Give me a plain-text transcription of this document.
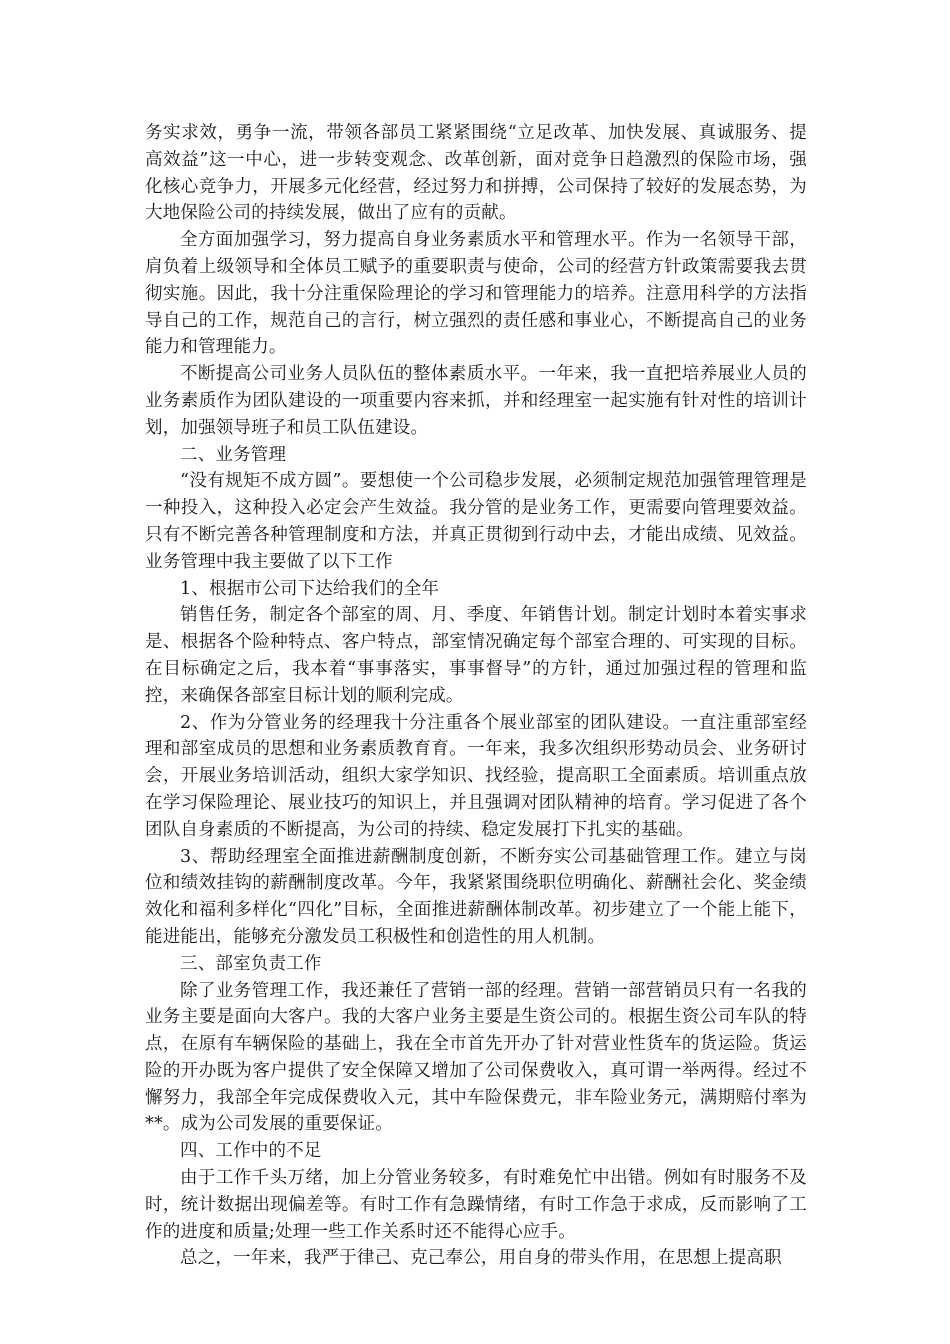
务实求效，勇争一流，带领各部员工紧紧围绕“立足改革、加快发展、真诚服务、提高效益”这一中心，进一步转变观念、改革创新，面对竞争日趋激烈的保险市场，强化核心竞争力，开展多元化经营，经过努力和拼搏，公司保持了较好的发展态势，为大地保险公司的持续发展，做出了应有的贡献。

全方面加强学习，努力提高自身业务素质水平和管理水平。作为一名领导干部，肩负着上级领导和全体员工赋予的重要职责与使命，公司的经营方针政策需要我去贯彻实施。因此，我十分注重保险理论的学习和管理能力的培养。注意用科学的方法指导自己的工作，规范自己的言行，树立强烈的责任感和事业心，不断提高自己的业务能力和管理能力。

不断提高公司业务人员队伍的整体素质水平。一年来，我一直把培养展业人员的业务素质作为团队建设的一项重要内容来抓，并和经理室一起实施有针对性的培训计划，加强领导班子和员工队伍建设。

二、业务管理

“没有规矩不成方圆”。要想使一个公司稳步发展，必须制定规范加强管理管理是一种投入，这种投入必定会产生效益。我分管的是业务工作，更需要向管理要效益。只有不断完善各种管理制度和方法，并真正贯彻到行动中去，才能出成绩、见效益。业务管理中我主要做了以下工作

1、根据市公司下达给我们的全年

销售任务，制定各个部室的周、月、季度、年销售计划。制定计划时本着实事求是、根据各个险种特点、客户特点，部室情况确定每个部室合理的、可实现的目标。在目标确定之后，我本着“事事落实，事事督导”的方针，通过加强过程的管理和监控，来确保各部室目标计划的顺利完成。

2、作为分管业务的经理我十分注重各个展业部室的团队建设。一直注重部室经理和部室成员的思想和业务素质教育育。一年来，我多次组织形势动员会、业务研讨会，开展业务培训活动，组织大家学知识、找经验，提高职工全面素质。培训重点放在学习保险理论、展业技巧的知识上，并且强调对团队精神的培育。学习促进了各个团队自身素质的不断提高，为公司的持续、稳定发展打下扎实的基础。

3、帮助经理室全面推进薪酬制度创新，不断夯实公司基础管理工作。建立与岗位和绩效挂钩的薪酬制度改革。今年，我紧紧围绕职位明确化、薪酬社会化、奖金绩效化和福利多样化“四化”目标，全面推进薪酬体制改革。初步建立了一个能上能下，能进能出，能够充分激发员工积极性和创造性的用人机制。

三、部室负责工作

除了业务管理工作，我还兼任了营销一部的经理。营销一部营销员只有一名我的业务主要是面向大客户。我的大客户业务主要是生资公司的。根据生资公司车队的特点，在原有车辆保险的基础上，我在全市首先开办了针对营业性货车的货运险。货运险的开办既为客户提供了安全保障又增加了公司保费收入，真可谓一举两得。经过不懈努力，我部全年完成保费收入元，其中车险保费元，非车险业务元，满期赔付率为**。成为公司发展的重要保证。

四、工作中的不足

由于工作千头万绪，加上分管业务较多，有时难免忙中出错。例如有时服务不及时，统计数据出现偏差等。有时工作有急躁情绪，有时工作急于求成，反而影响了工作的进度和质量;处理一些工作关系时还不能得心应手。

总之，一年来，我严于律己、克己奉公，用自身的带头作用，在思想上提高职
